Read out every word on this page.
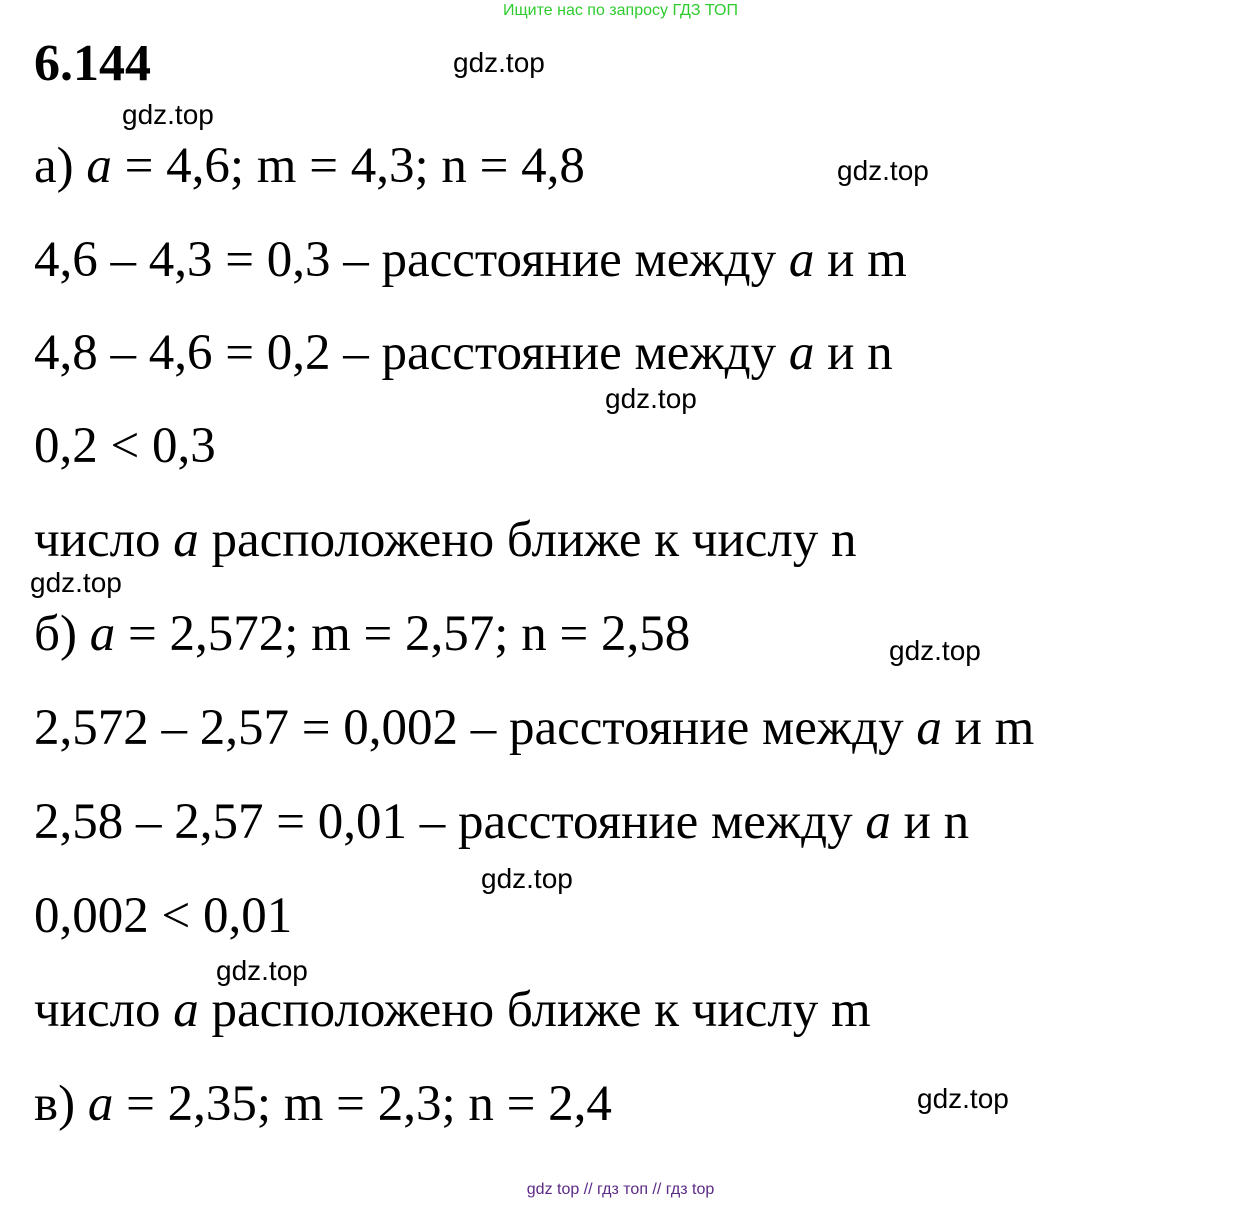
Ищите нас по запросу ГДЗ ТОП
6.144	gdz.top
gdz.top
gdz.top
gdz.top
gdz.top
gdz.top
gdz.top
gdz.top
gdz.top
а) a = 4,6; m = 4,3; n = 4,8
4,6 – 4,3 = 0,3 – расстояние между a и m
4,8 – 4,6 = 0,2 – расстояние между a и n
0,2 < 0,3
число a расположено ближе к числу n
б) a = 2,572; m = 2,57; n = 2,58
2,572 – 2,57 = 0,002 – расстояние между a и m
2,58 – 2,57 = 0,01 – расстояние между a и n
0,002 < 0,01
число a расположено ближе к числу m
в) a = 2,35; m = 2,3; n = 2,4
gdz top // гдз топ // гдз top
